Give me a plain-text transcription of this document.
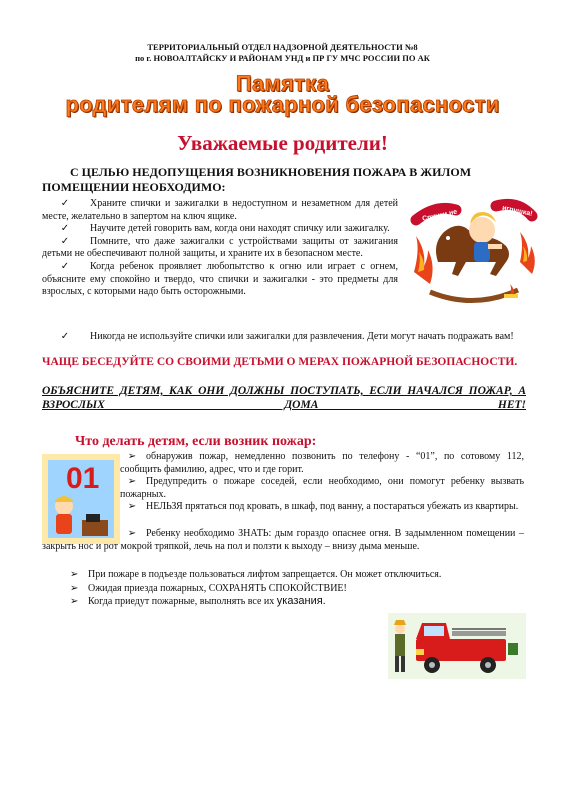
ТЕРРИТОРИАЛЬНЫЙ ОТДЕЛ НАДЗОРНОЙ ДЕЯТЕЛЬНОСТИ №8
по г. НОВОАЛТАЙСКУ И РАЙОНАМ УНД и ПР ГУ МЧС РОССИИ ПО АК
Памятка
родителям по пожарной безопасности
Уважаемые родители!
С ЦЕЛЬЮ НЕДОПУЩЕНИЯ ВОЗНИКНОВЕНИЯ ПОЖАРА В ЖИЛОМ
ПОМЕЩЕНИИ НЕОБХОДИМО:
✓ Храните спички и зажигалки в недоступном и незаметном для детей месте, желательно в запертом на ключ ящике.
✓ Научите детей говорить вам, когда они находят спичку или зажигалку.
✓ Помните, что даже зажигалки с устройствами защиты от зажигания детьми не обеспечивают полной защиты, и храните их в безопасном месте.
✓ Когда ребенок проявляет любопытство к огню или играет с огнем, объясните ему спокойно и твердо, что спички и зажигалки - это предметы для взрослых, с которыми надо быть осторожными.
✓ Никогда не используйте спички или зажигалки для развлечения. Дети могут начать подражать вам!
Спички не	игрушка!
ЧАЩЕ БЕСЕДУЙТЕ СО СВОИМИ ДЕТЬМИ О МЕРАХ ПОЖАРНОЙ БЕЗОПАСНОСТИ.
ОБЪЯСНИТЕ ДЕТЯМ, КАК ОНИ ДОЛЖНЫ ПОСТУПАТЬ, ЕСЛИ НАЧАЛСЯ ПОЖАР, А ВЗРОСЛЫХ ДОМА НЕТ!
Что делать детям, если возник пожар:
01
➢ обнаружив пожар, немедленно позвонить по телефону - “01”, по сотовому 112, сообщить фамилию, адрес, что и где горит.
➢ Предупредить о пожаре соседей, если необходимо, они помогут ребенку вызвать пожарных.
➢ НЕЛЬЗЯ прятаться под кровать, в шкаф, под ванну, а постараться убежать из квартиры.
➢ Ребенку необходимо ЗНАТЬ: дым гораздо опаснее огня. В задымленном помещении – закрыть нос и рот мокрой тряпкой, лечь на пол и ползти к выходу – внизу дыма меньше.
➢ При пожаре в подъезде пользоваться лифтом запрещается. Он может отключиться.
➢ Ожидая приезда пожарных, СОХРАНЯТЬ СПОКОЙСТВИЕ!
➢ Когда приедут пожарные, выполнять все их указания.
